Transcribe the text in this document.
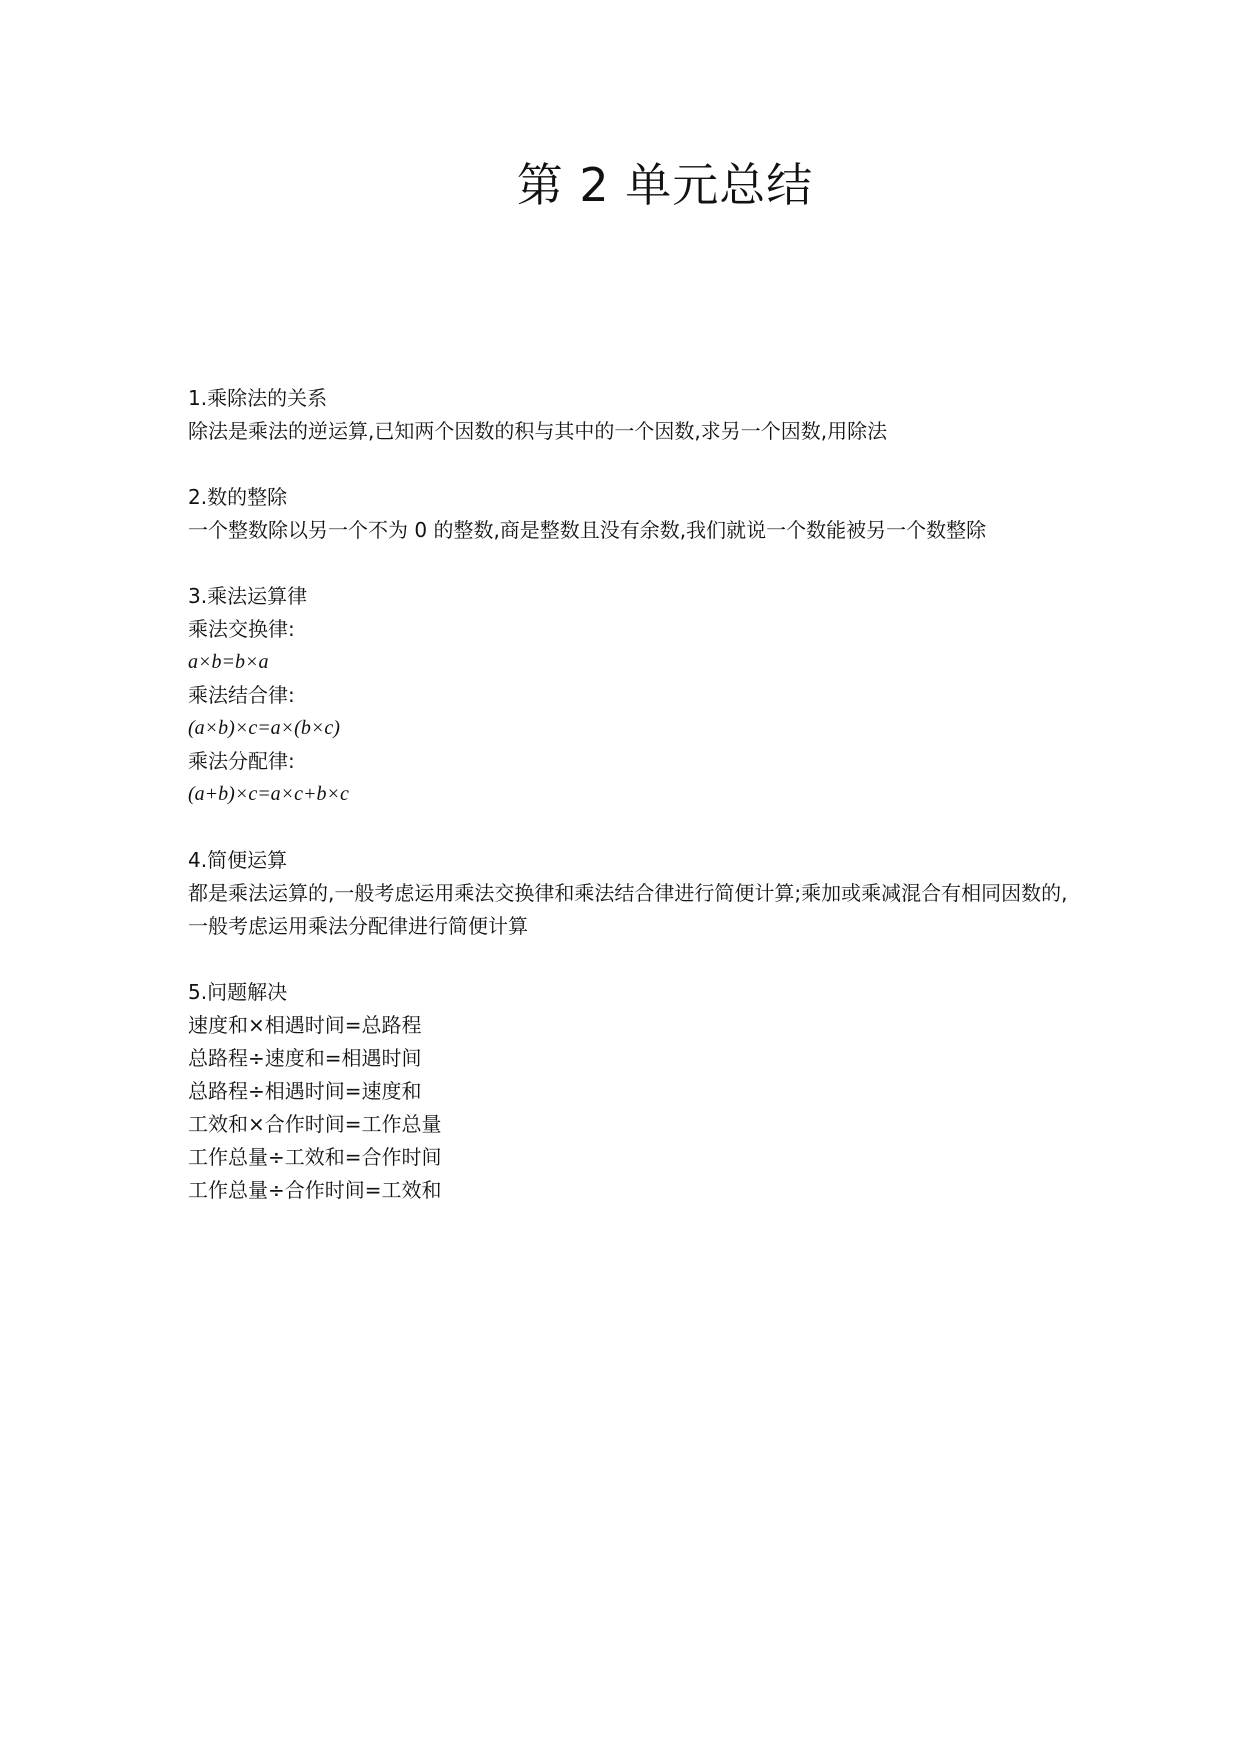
第 2 单元总结
1.乘除法的关系
除法是乘法的逆运算,已知两个因数的积与其中的一个因数,求另一个因数,用除法
2.数的整除
一个整数除以另一个不为 0 的整数,商是整数且没有余数,我们就说一个数能被另一个数整除
3.乘法运算律
乘法交换律:
a×b=b×a
乘法结合律:
(a×b)×c=a×(b×c)
乘法分配律:
(a+b)×c=a×c+b×c
4.简便运算
都是乘法运算的,一般考虑运用乘法交换律和乘法结合律进行简便计算;乘加或乘减混合有相同因数的,一般考虑运用乘法分配律进行简便计算
5.问题解决
速度和×相遇时间=总路程
总路程÷速度和=相遇时间
总路程÷相遇时间=速度和
工效和×合作时间=工作总量
工作总量÷工效和=合作时间
工作总量÷合作时间=工效和
